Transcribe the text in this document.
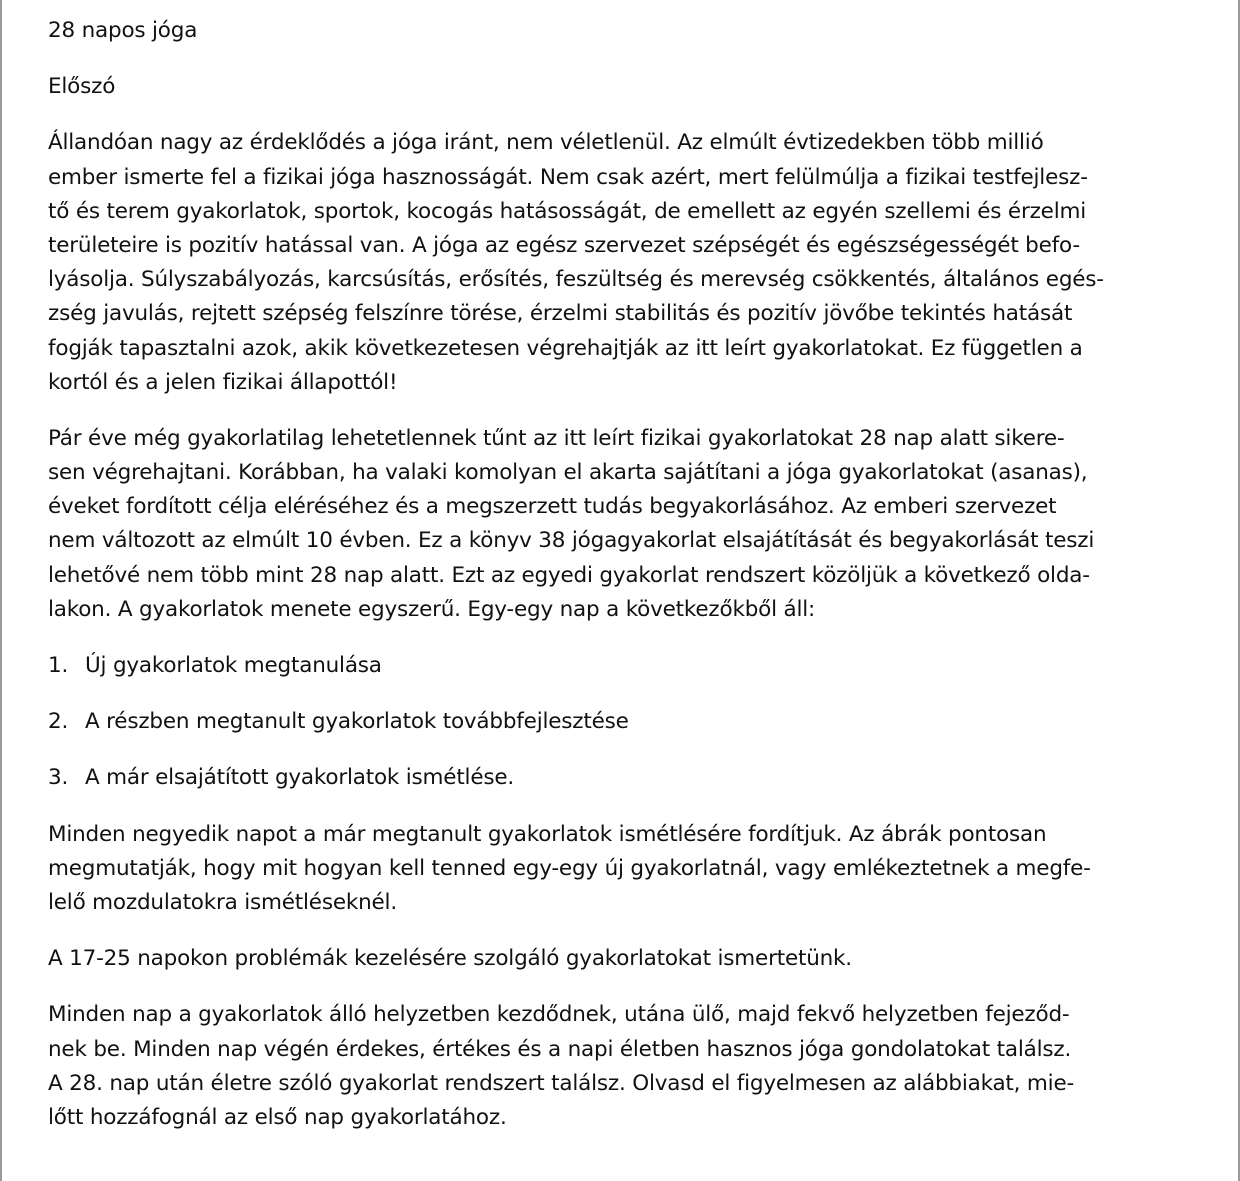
28 napos jóga
Előszó
Állandóan nagy az érdeklődés a jóga iránt, nem véletlenül. Az elmúlt évtizedekben több millió
ember ismerte fel a fizikai jóga hasznosságát. Nem csak azért, mert felülmúlja a fizikai testfejlesz-
tő és terem gyakorlatok, sportok, kocogás hatásosságát, de emellett az egyén szellemi és érzelmi
területeire is pozitív hatással van. A jóga az egész szervezet szépségét és egészségességét befo-
lyásolja. Súlyszabályozás, karcsúsítás, erősítés, feszültség és merevség csökkentés, általános egés-
zség javulás, rejtett szépség felszínre törése, érzelmi stabilitás és pozitív jövőbe tekintés hatását
fogják tapasztalni azok, akik következetesen végrehajtják az itt leírt gyakorlatokat. Ez független a
kortól és a jelen fizikai állapottól!
Pár éve még gyakorlatilag lehetetlennek tűnt az itt leírt fizikai gyakorlatokat 28 nap alatt sikere-
sen végrehajtani. Korábban, ha valaki komolyan el akarta sajátítani a jóga gyakorlatokat (asanas),
éveket fordított célja eléréséhez és a megszerzett tudás begyakorlásához. Az emberi szervezet
nem változott az elmúlt 10 évben. Ez a könyv 38 jógagyakorlat elsajátítását és begyakorlását teszi
lehetővé nem több mint 28 nap alatt. Ezt az egyedi gyakorlat rendszert közöljük a következő olda-
lakon. A gyakorlatok menete egyszerű. Egy-egy nap a következőkből áll:
1. Új gyakorlatok megtanulása
2. A részben megtanult gyakorlatok továbbfejlesztése
3. A már elsajátított gyakorlatok ismétlése.
Minden negyedik napot a már megtanult gyakorlatok ismétlésére fordítjuk. Az ábrák pontosan
megmutatják, hogy mit hogyan kell tenned egy-egy új gyakorlatnál, vagy emlékeztetnek a megfe-
lelő mozdulatokra ismétléseknél.
A 17-25 napokon problémák kezelésére szolgáló gyakorlatokat ismertetünk.
Minden nap a gyakorlatok álló helyzetben kezdődnek, utána ülő, majd fekvő helyzetben fejeződ-
nek be. Minden nap végén érdekes, értékes és a napi életben hasznos jóga gondolatokat találsz.
A 28. nap után életre szóló gyakorlat rendszert találsz. Olvasd el figyelmesen az alábbiakat, mie-
lőtt hozzáfognál az első nap gyakorlatához.
